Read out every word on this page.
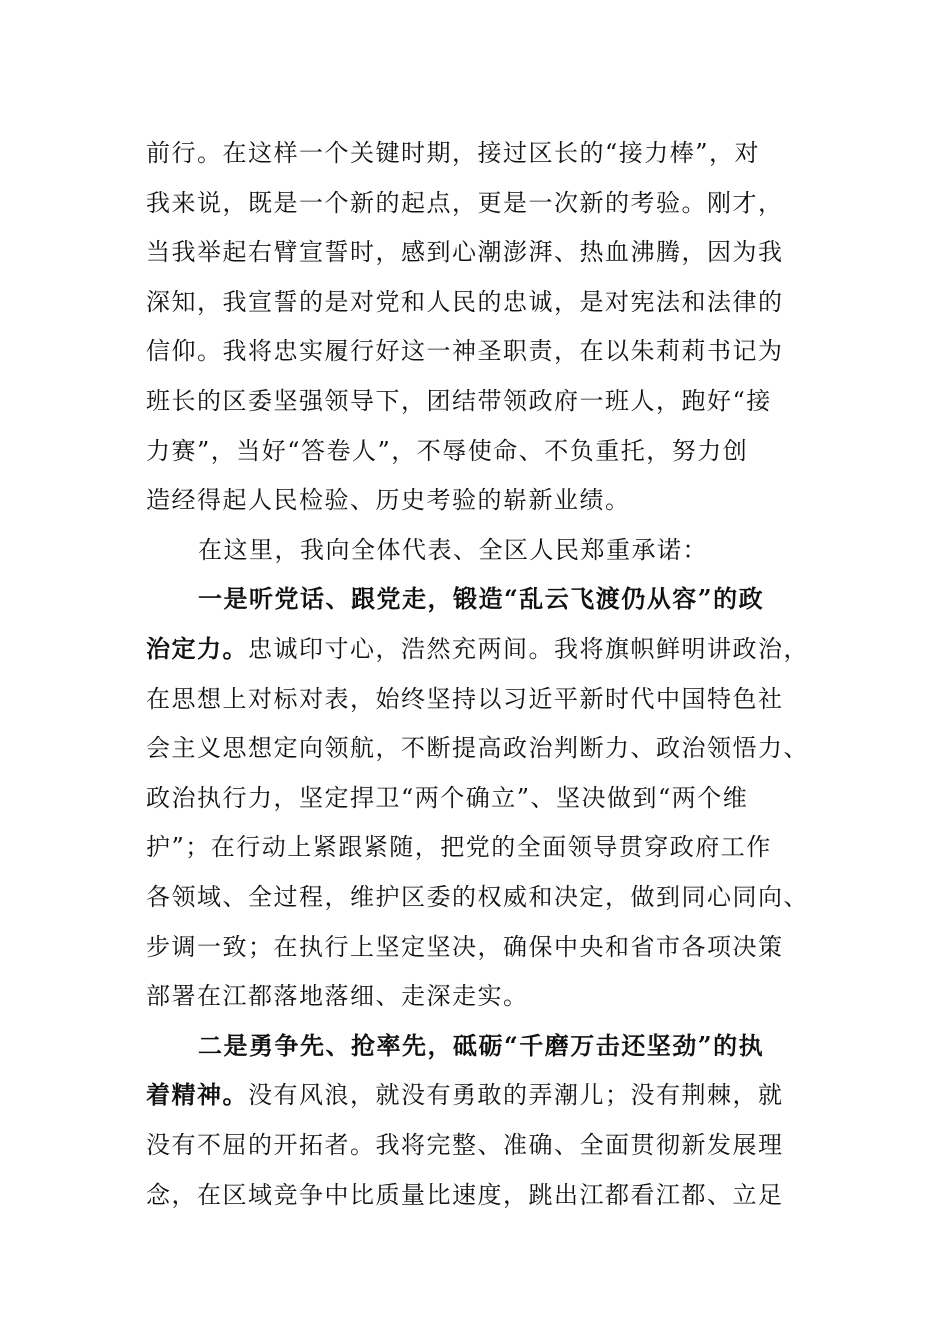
前行。在这样一个关键时期，接过区长的“接力棒”，对
我来说，既是一个新的起点，更是一次新的考验。刚才，
当我举起右臂宣誓时，感到心潮澎湃、热血沸腾，因为我
深知，我宣誓的是对党和人民的忠诚，是对宪法和法律的
信仰。我将忠实履行好这一神圣职责，在以朱莉莉书记为
班长的区委坚强领导下，团结带领政府一班人，跑好“接
力赛”，当好“答卷人”，不辱使命、不负重托，努力创
造经得起人民检验、历史考验的崭新业绩。
在这里，我向全体代表、全区人民郑重承诺：
一是听党话、跟党走，锻造“乱云飞渡仍从容”的政
治定力。忠诚印寸心，浩然充两间。我将旗帜鲜明讲政治，
在思想上对标对表，始终坚持以习近平新时代中国特色社
会主义思想定向领航，不断提高政治判断力、政治领悟力、
政治执行力，坚定捍卫“两个确立”、坚决做到“两个维
护”；在行动上紧跟紧随，把党的全面领导贯穿政府工作
各领域、全过程，维护区委的权威和决定，做到同心同向、
步调一致；在执行上坚定坚决，确保中央和省市各项决策
部署在江都落地落细、走深走实。
二是勇争先、抢率先，砥砺“千磨万击还坚劲”的执
着精神。没有风浪，就没有勇敢的弄潮儿；没有荆棘，就
没有不屈的开拓者。我将完整、准确、全面贯彻新发展理
念，在区域竞争中比质量比速度，跳出江都看江都、立足
